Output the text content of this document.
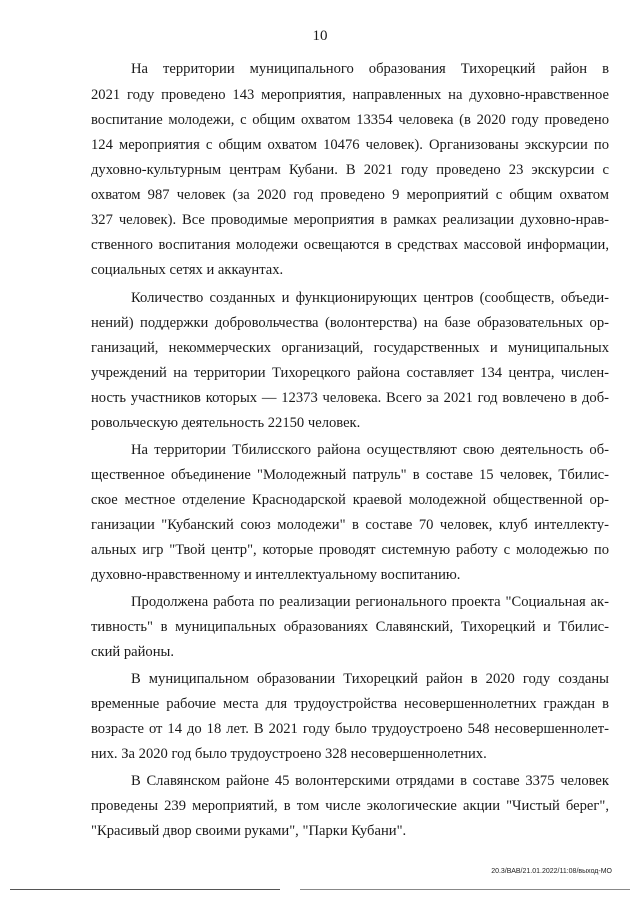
10
На территории муниципального образования Тихорецкий район в
2021 году проведено 143 мероприятия, направленных на духовно-нравственное
воспитание молодежи, с общим охватом 13354 человека (в 2020 году проведено
124 мероприятия с общим охватом 10476 человек). Организованы экскурсии по
духовно-культурным центрам Кубани. В 2021 году проведено 23 экскурсии с
охватом 987 человек (за 2020 год проведено 9 мероприятий с общим охватом
327 человек). Все проводимые мероприятия в рамках реализации духовно-нрав-
ственного воспитания молодежи освещаются в средствах массовой информации,
социальных сетях и аккаунтах.
Количество созданных и функционирующих центров (сообществ, объеди-
нений) поддержки добровольчества (волонтерства) на базе образовательных ор-
ганизаций, некоммерческих организаций, государственных и муниципальных
учреждений на территории Тихорецкого района составляет 134 центра, числен-
ность участников которых — 12373 человека. Всего за 2021 год вовлечено в доб-
ровольческую деятельность 22150 человек.
На территории Тбилисского района осуществляют свою деятельность об-
щественное объединение "Молодежный патруль" в составе 15 человек, Тбилис-
ское местное отделение Краснодарской краевой молодежной общественной ор-
ганизации "Кубанский союз молодежи" в составе 70 человек, клуб интеллекту-
альных игр "Твой центр", которые проводят системную работу с молодежью по
духовно-нравственному и интеллектуальному воспитанию.
Продолжена работа по реализации регионального проекта "Социальная ак-
тивность" в муниципальных образованиях Славянский, Тихорецкий и Тбилис-
ский районы.
В муниципальном образовании Тихорецкий район в 2020 году созданы
временные рабочие места для трудоустройства несовершеннолетних граждан в
возрасте от 14 до 18 лет. В 2021 году было трудоустроено 548 несовершеннолет-
них. За 2020 год было трудоустроено 328 несовершеннолетних.
В Славянском районе 45 волонтерскими отрядами в составе 3375 человек
проведены 239 мероприятий, в том числе экологические акции "Чистый берег",
"Красивый двор своими руками", "Парки Кубани".
20.3/ВАВ/21.01.2022/11:08/выход-МО
